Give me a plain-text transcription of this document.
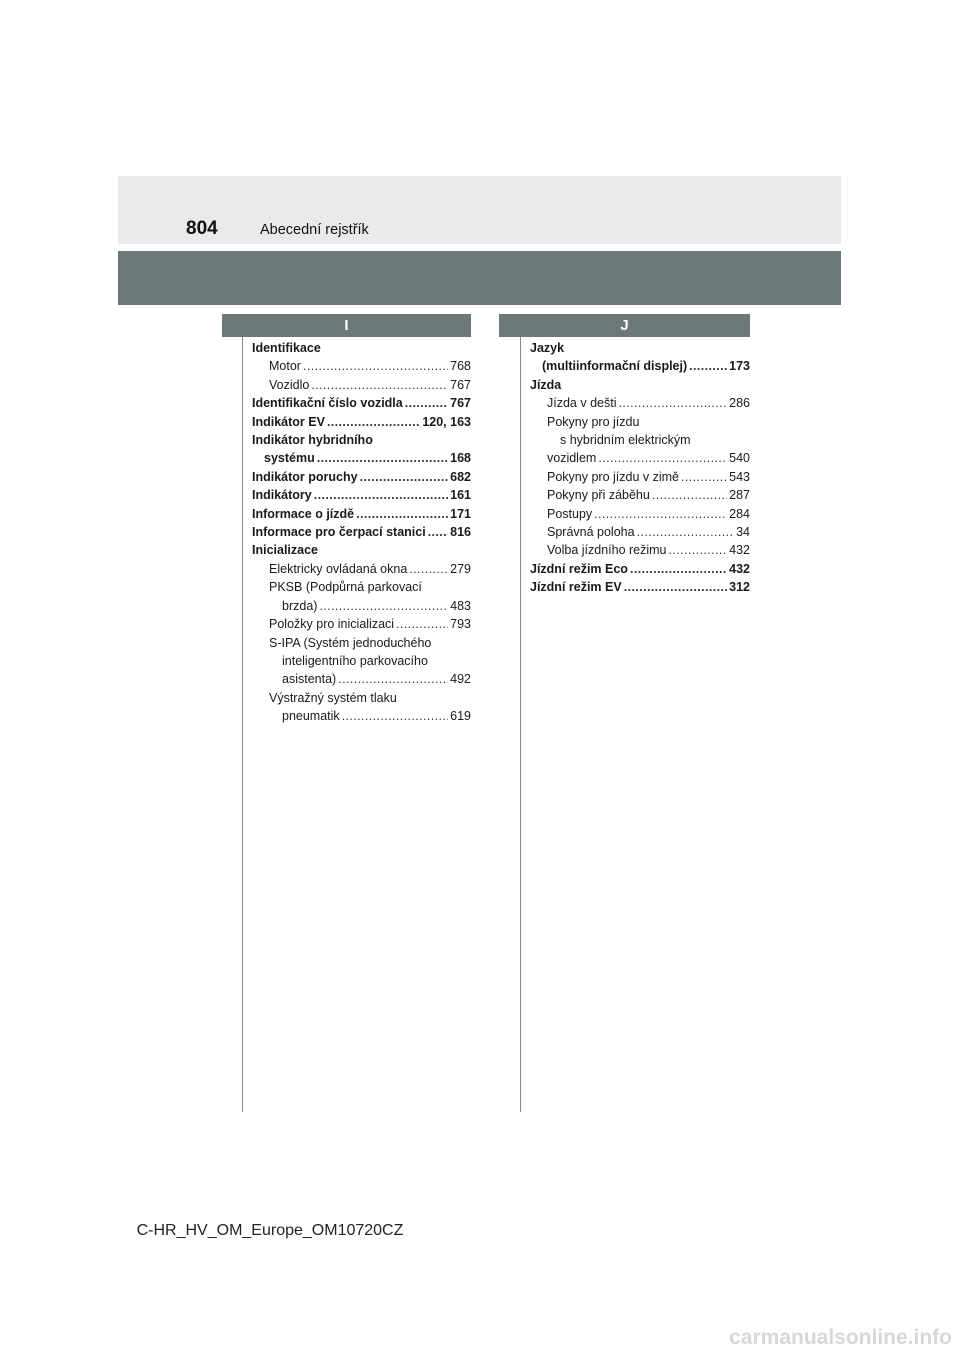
804	Abecední rejstřík
I	J
Identifikace
Motor .....	768
Vozidlo .....	767
Identifikační číslo vozidla .....	767
Indikátor EV .....	120, 163
Indikátor hybridního
systému .....	168
Indikátor poruchy .....	682
Indikátory .....	161
Informace o jízdě .....	171
Informace pro čerpací stanici ..... 816
Inicializace
Elektricky ovládaná okna .....	279
PKSB (Podpůrná parkovací
brzda) .....	483
Položky pro inicializaci .....	793
S-IPA (Systém jednoduchého
inteligentního parkovacího
asistenta) .....	492
Výstražný systém tlaku
pneumatik .....	619
Jazyk
(multiinformační displej) .....	173
Jízda
Jízda v dešti .....	286
Pokyny pro jízdu
s hybridním elektrickým
vozidlem .....	540
Pokyny pro jízdu v zimě .....	543
Pokyny při záběhu .....	287
Postupy .....	284
Správná poloha .....	34
Volba jízdního režimu .....	432
Jízdní režim Eco .....	432
Jízdní režim EV .....	312
C-HR_HV_OM_Europe_OM10720CZ
carmanualsonline.info
